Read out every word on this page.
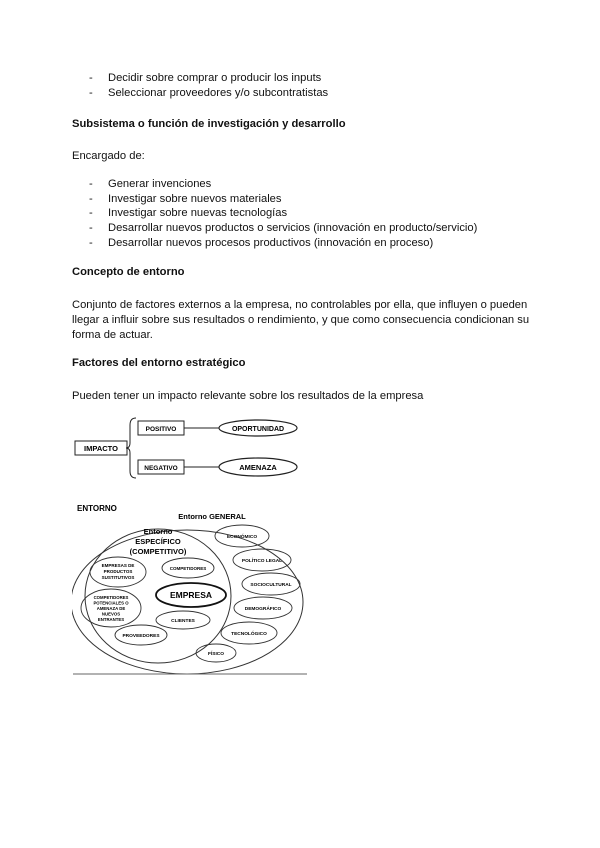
- Decidir sobre comprar o producir los inputs
- Seleccionar proveedores y/o subcontratistas
Subsistema o función de investigación y desarrollo
Encargado de:
- Generar invenciones
- Investigar sobre nuevos materiales
- Investigar sobre nuevas tecnologías
- Desarrollar nuevos productos o servicios (innovación en producto/servicio)
- Desarrollar nuevos procesos productivos (innovación en proceso)
Concepto de entorno
Conjunto de factores externos a la empresa, no controlables por ella, que influyen o pueden
llegar a influir sobre sus resultados o rendimiento, y que como consecuencia condicionan su
forma de actuar.
Factores del entorno estratégico
Pueden tener un impacto relevante sobre los resultados de la empresa
IMPACTO
POSITIVO	OPORTUNIDAD
NEGATIVO	AMENAZA
ENTORNO
Entorno GENERAL
Entorno
ESPECÍFICO
(COMPETITIVO)
EMPRESAS DE
PRODUCTOS
SUSTITUTIVOS
COMPETIDORES
EMPRESA
COMPETIDORES
POTENCIALES O
AMENAZA DE
NUEVOS
ENTRANTES	CLIENTES
PROVEEDORES
ECONÓMICO
POLÍTICO LEGAL
SOCIOCULTURAL
DEMOGRÁFICO
TECNOLÓGICO
FÍSICO
